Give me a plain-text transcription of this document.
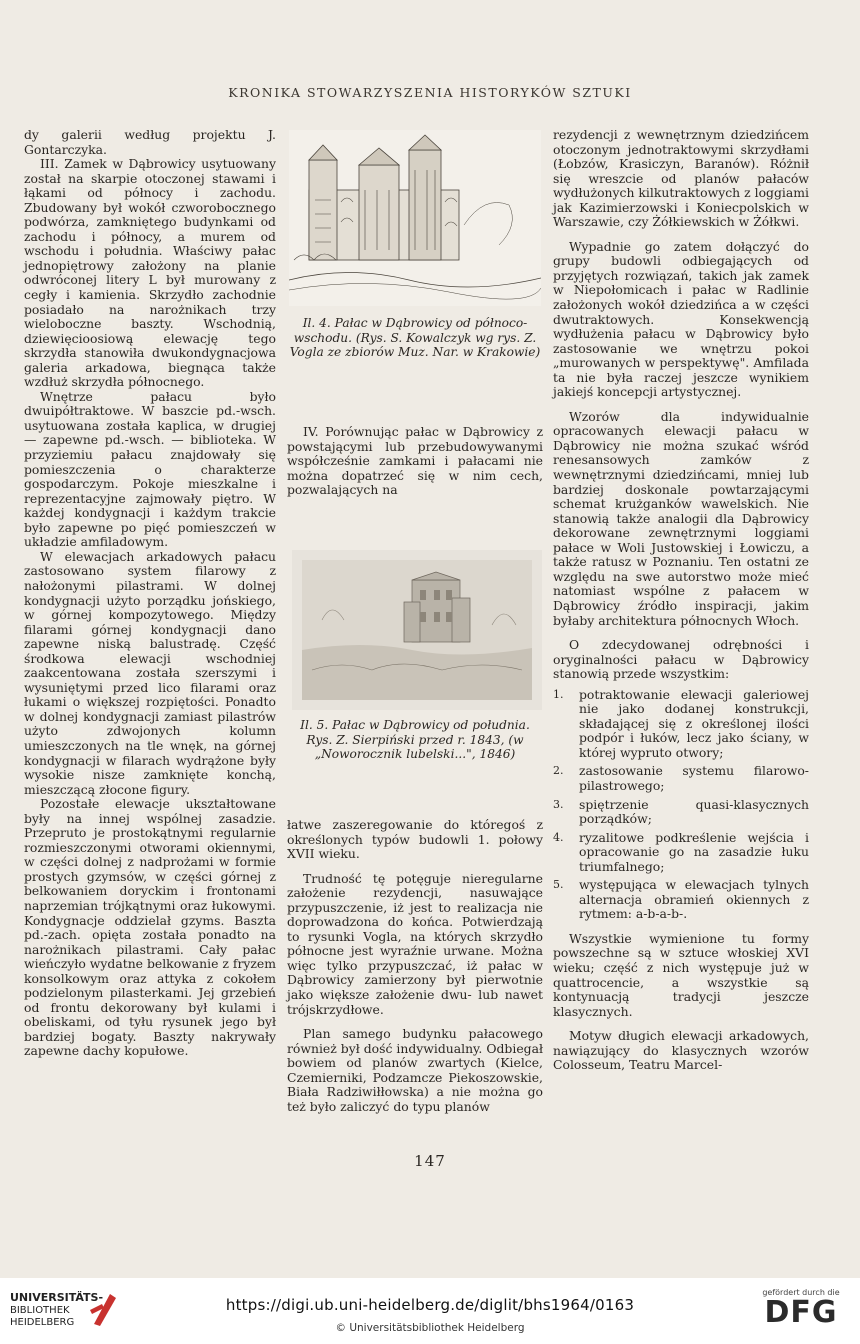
KRONIKA STOWARZYSZENIA HISTORYKÓW SZTUKI

dy galerii według projektu J. Gontarczyka.

III. Zamek w Dąbrowicy usytuowany został na skarpie otoczonej stawami i łąkami od północy i zachodu. Zbudowany był wokół czworobocznego podwórza, zamkniętego budynkami od zachodu i północy, a murem od wschodu i południa. Właściwy pałac jednopiętrowy założony na planie odwróconej litery L był murowany z cegły i kamienia. Skrzydło zachodnie posiadało na narożnikach trzy wieloboczne baszty. Wschodnią, dziewięcioosiową elewację tego skrzydła stanowiła dwukondygnacjowa galeria arkadowa, biegnąca także wzdłuż skrzydła północnego.

Wnętrze pałacu było dwuipółtraktowe. W baszcie pd.-wsch. usytuowana została kaplica, w drugiej — zapewne pd.-wsch. — biblioteka. W przyziemiu pałacu znajdowały się pomieszczenia o charakterze gospodarczym. Pokoje mieszkalne i reprezentacyjne zajmowały piętro. W każdej kondygnacji i każdym trakcie było zapewne po pięć pomieszczeń w układzie amfiladowym.

W elewacjach arkadowych pałacu zastosowano system filarowy z nałożonymi pilastrami. W dolnej kondygnacji użyto porządku jońskiego, w górnej kompozytowego. Między filarami górnej kondygnacji dano zapewne niską balustradę. Część środkowa elewacji wschodniej zaakcentowana została szerszymi i wysuniętymi przed lico filarami oraz łukami o większej rozpiętości. Ponadto w dolnej kondygnacji zamiast pilastrów użyto zdwojonych kolumn umieszczonych na tle wnęk, na górnej kondygnacji w filarach wydrążone były wysokie nisze zamknięte konchą, mieszczącą złocone figury.

Pozostałe elewacje ukształtowane były na innej wspólnej zasadzie. Przepruto je prostokątnymi regularnie rozmieszczonymi otworami okiennymi, w części dolnej z nadprożami w formie prostych gzymsów, w części górnej z belkowaniem doryckim i frontonami naprzemian trójkątnymi oraz łukowymi. Kondygnacje oddzielał gzyms. Baszta pd.-zach. opięta została ponadto na narożnikach pilastrami. Cały pałac wieńczyło wydatne belkowanie z fryzem konsolkowym oraz attyka z cokołem podzielonym pilasterkami. Jej grzebień od frontu dekorowany był kulami i obeliskami, od tyłu rysunek jego był bardziej bogaty. Baszty nakrywały zapewne dachy kopułowe.

Il. 4. Pałac w Dąbrowicy od północo-wschodu. (Rys. S. Kowalczyk wg rys. Z. Vogla ze zbiorów Muz. Nar. w Krakowie)

IV. Porównując pałac w Dąbrowicy z powstającymi lub przebudowywanymi współcześnie zamkami i pałacami nie można dopatrzeć się w nim cech, pozwalających na

Il. 5. Pałac w Dąbrowicy od południa. Rys. Z. Sierpiński przed r. 1843, (w „Noworocznik lubelski...", 1846)

łatwe zaszeregowanie do któregoś z określonych typów budowli 1. połowy XVII wieku.

Trudność tę potęguje nieregularne założenie rezydencji, nasuwające przypuszczenie, iż jest to realizacja nie doprowadzona do końca. Potwierdzają to rysunki Vogla, na których skrzydło północne jest wyraźnie urwane. Można więc tylko przypuszczać, iż pałac w Dąbrowicy zamierzony był pierwotnie jako większe założenie dwu- lub nawet trójskrzydłowe.

Plan samego budynku pałacowego również był dość indywidualny. Odbiegał bowiem od planów zwartych (Kielce, Czemierniki, Podzamcze Piekoszowskie, Biała Radziwiłłowska) a nie można go też było zaliczyć do typu planów

rezydencji z wewnętrznym dziedzińcem otoczonym jednotraktowymi skrzydłami (Łobzów, Krasiczyn, Baranów). Różnił się wreszcie od planów pałaców wydłużonych kilkutraktowych z loggiami jak Kazimierzowski i Koniecpolskich w Warszawie, czy Żółkiewskich w Żółkwi.

Wypadnie go zatem dołączyć do grupy budowli odbiegających od przyjętych rozwiązań, takich jak zamek w Niepołomicach i pałac w Radlinie założonych wokół dziedzińca a w części dwutraktowych. Konsekwencją wydłużenia pałacu w Dąbrowicy było zastosowanie we wnętrzu pokoi „murowanych w perspektywę". Amfilada ta nie była raczej jeszcze wynikiem jakiejś koncepcji artystycznej.

Wzorów dla indywidualnie opracowanych elewacji pałacu w Dąbrowicy nie można szukać wśród renesansowych zamków z wewnętrznymi dziedzińcami, mniej lub bardziej doskonale powtarzającymi schemat krużganków wawelskich. Nie stanowią także analogii dla Dąbrowicy dekorowane zewnętrznymi loggiami pałace w Woli Justowskiej i Łowiczu, a także ratusz w Poznaniu. Ten ostatni ze względu na swe autorstwo może mieć natomiast wspólne z pałacem w Dąbrowicy źródło inspiracji, jakim byłaby architektura północnych Włoch.

O zdecydowanej odrębności i oryginalności pałacu w Dąbrowicy stanowią przede wszystkim:

1. potraktowanie elewacji galeriowej nie jako dodanej konstrukcji, składającej się z określonej ilości podpór i łuków, lecz jako ściany, w której wypruto otwory;
2. zastosowanie systemu filarowo-pilastrowego;
3. spiętrzenie quasi-klasycznych porządków;
4. ryzalitowe podkreślenie wejścia i opracowanie go na zasadzie łuku triumfalnego;
5. występująca w elewacjach tylnych alternacja obramień okiennych z rytmem: a-b-a-b-.

Wszystkie wymienione tu formy powszechne są w sztuce włoskiej XVI wieku; część z nich występuje już w quattrocencie, a wszystkie są kontynuacją tradycji jeszcze klasycznych.

Motyw długich elewacji arkadowych, nawiązujący do klasycznych wzorów Colosseum, Teatru Marcel-

147
UNIVERSITÄTS-
BIBLIOTHEK
HEIDELBERG
https://digi.ub.uni-heidelberg.de/diglit/bhs1964/0163
© Universitätsbibliothek Heidelberg
gefördert durch die
DFG
